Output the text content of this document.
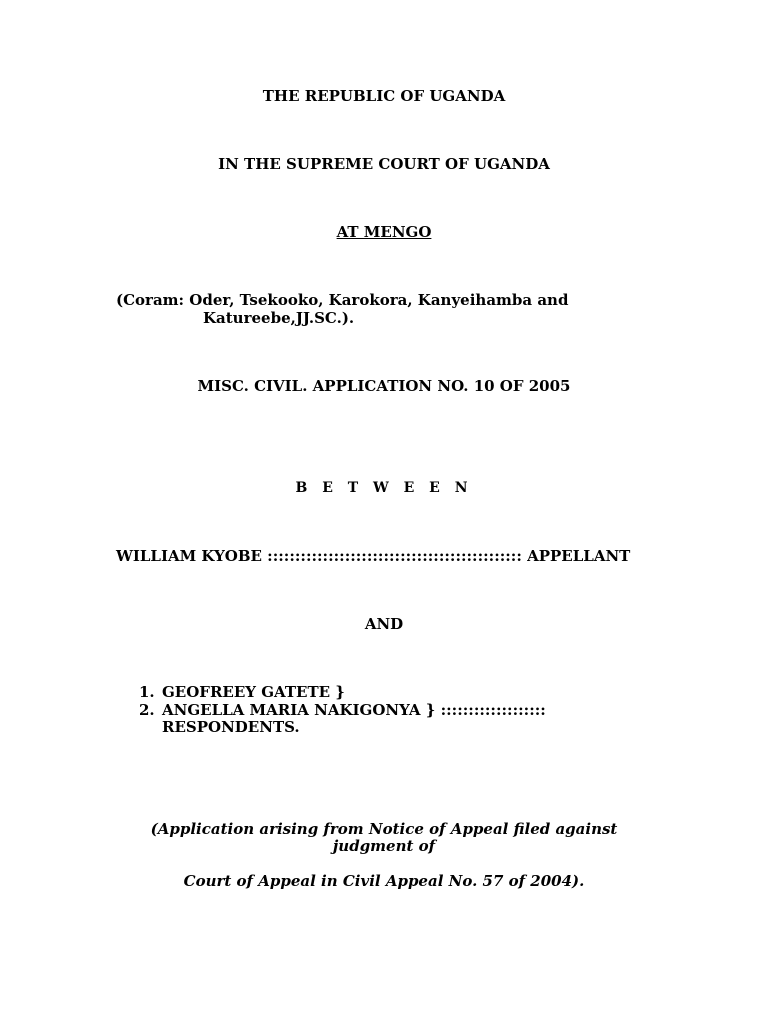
THE REPUBLIC OF UGANDA
IN THE SUPREME COURT OF UGANDA
AT MENGO
(Coram: Oder, Tsekooko, Karokora, Kanyeihamba and
Katureebe,JJ.SC.).
MISC. CIVIL. APPLICATION NO. 10 OF 2005
B E T W E E N
WILLIAM KYOBE :::::::::::::::::::::::::::::::::::::::::::::: APPELLANT
AND
1. GEOFREEY GATETE }
2. ANGELLA MARIA NAKIGONYA } :::::::::::::::::::
RESPONDENTS.
(Application arising from Notice of Appeal filed against
judgment of
Court of Appeal in Civil Appeal No. 57 of 2004).
